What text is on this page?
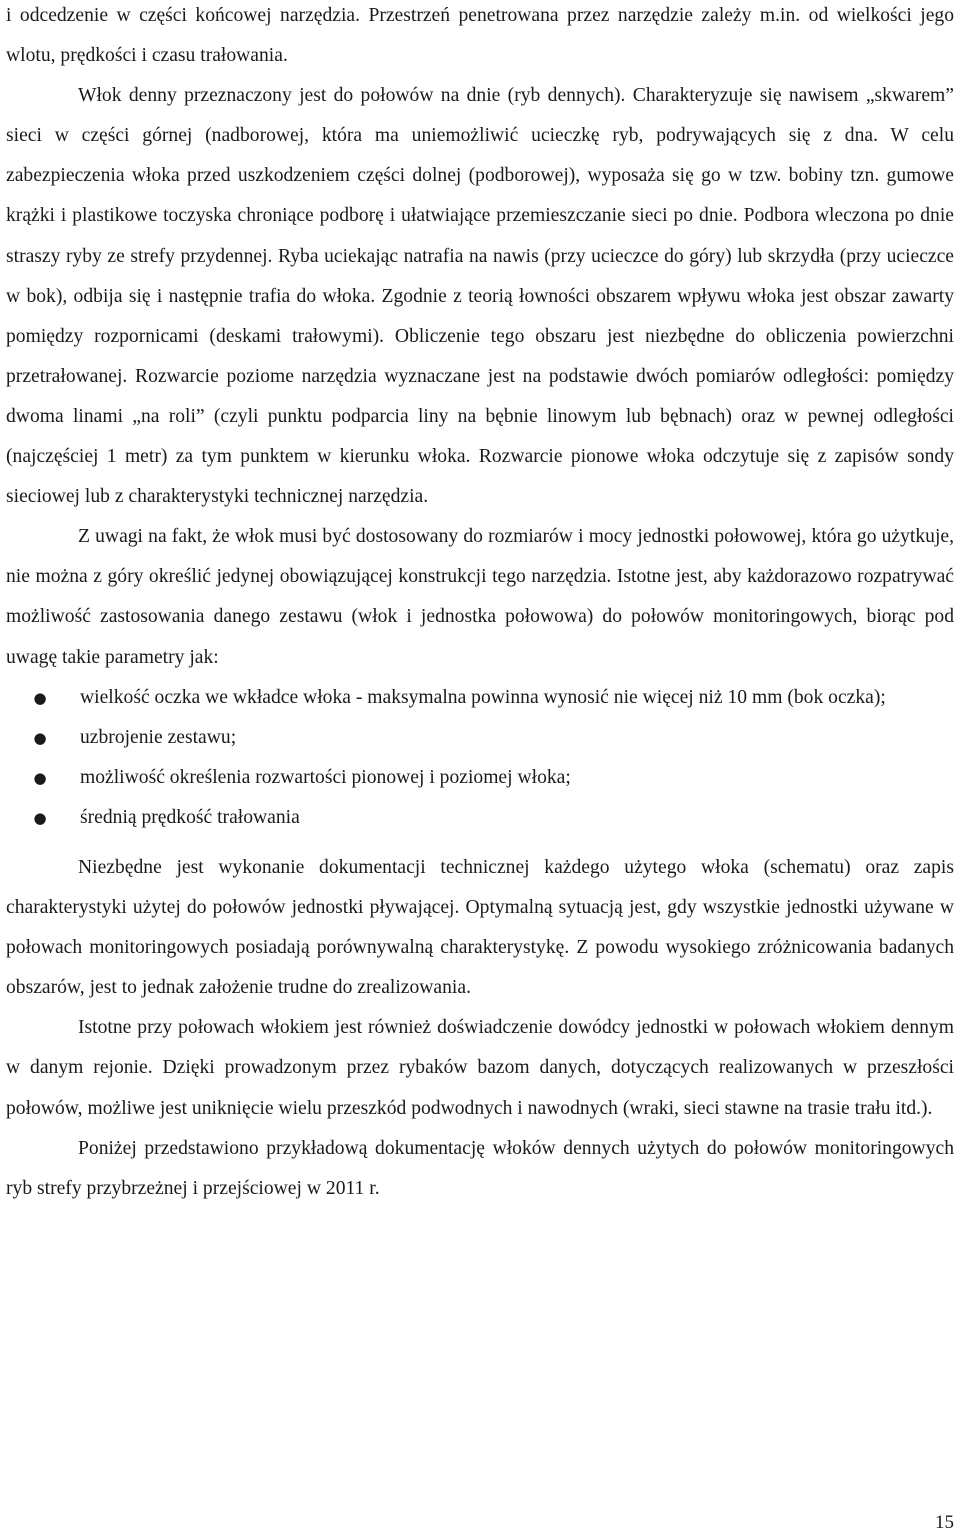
i odcedzenie w części końcowej narzędzia. Przestrzeń penetrowana przez narzędzie zależy m.in. od wielkości jego wlotu, prędkości i czasu trałowania.

Włok denny przeznaczony jest do połowów na dnie (ryb dennych). Charakteryzuje się nawisem „skwarem” sieci w części górnej (nadborowej, która ma uniemożliwić ucieczkę ryb, podrywających się z dna. W celu zabezpieczenia włoka przed uszkodzeniem części dolnej (podborowej), wyposaża się go w tzw. bobiny tzn. gumowe krążki i plastikowe toczyska chroniące podborę i ułatwiające przemieszczanie sieci po dnie. Podbora wleczona po dnie straszy ryby ze strefy przydennej. Ryba uciekając natrafia na nawis (przy ucieczce do góry) lub skrzydła (przy ucieczce w bok), odbija się i następnie trafia do włoka. Zgodnie z teorią łowności obszarem wpływu włoka jest obszar zawarty pomiędzy rozpornicami (deskami trałowymi). Obliczenie tego obszaru jest niezbędne do obliczenia powierzchni przetrałowanej. Rozwarcie poziome narzędzia wyznaczane jest na podstawie dwóch pomiarów odległości: pomiędzy dwoma linami „na roli” (czyli punktu podparcia liny na bębnie linowym lub bębnach) oraz w pewnej odległości (najczęściej 1 metr) za tym punktem w kierunku włoka. Rozwarcie pionowe włoka odczytuje się z zapisów sondy sieciowej lub z charakterystyki technicznej narzędzia.

Z uwagi na fakt, że włok musi być dostosowany do rozmiarów i mocy jednostki połowowej, która go użytkuje, nie można z góry określić jedynej obowiązującej konstrukcji tego narzędzia. Istotne jest, aby każdorazowo rozpatrywać możliwość zastosowania danego zestawu (włok i jednostka połowowa) do połowów monitoringowych, biorąc pod uwagę takie parametry jak:

● wielkość oczka we wkładce włoka - maksymalna powinna wynosić nie więcej niż 10 mm (bok oczka);
● uzbrojenie zestawu;
● możliwość określenia rozwartości pionowej i poziomej włoka;
● średnią prędkość trałowania

Niezbędne jest wykonanie dokumentacji technicznej każdego użytego włoka (schematu) oraz zapis charakterystyki użytej do połowów jednostki pływającej. Optymalną sytuacją jest, gdy wszystkie jednostki używane w połowach monitoringowych posiadają porównywalną charakterystykę. Z powodu wysokiego zróżnicowania badanych obszarów, jest to jednak założenie trudne do zrealizowania.

Istotne przy połowach włokiem jest również doświadczenie dowódcy jednostki w połowach włokiem dennym w danym rejonie. Dzięki prowadzonym przez rybaków bazom danych, dotyczących realizowanych w przeszłości połowów, możliwe jest uniknięcie wielu przeszkód podwodnych i nawodnych (wraki, sieci stawne na trasie trału itd.).

Poniżej przedstawiono przykładową dokumentację włoków dennych użytych do połowów monitoringowych ryb strefy przybrzeżnej i przejściowej w 2011 r.

15
